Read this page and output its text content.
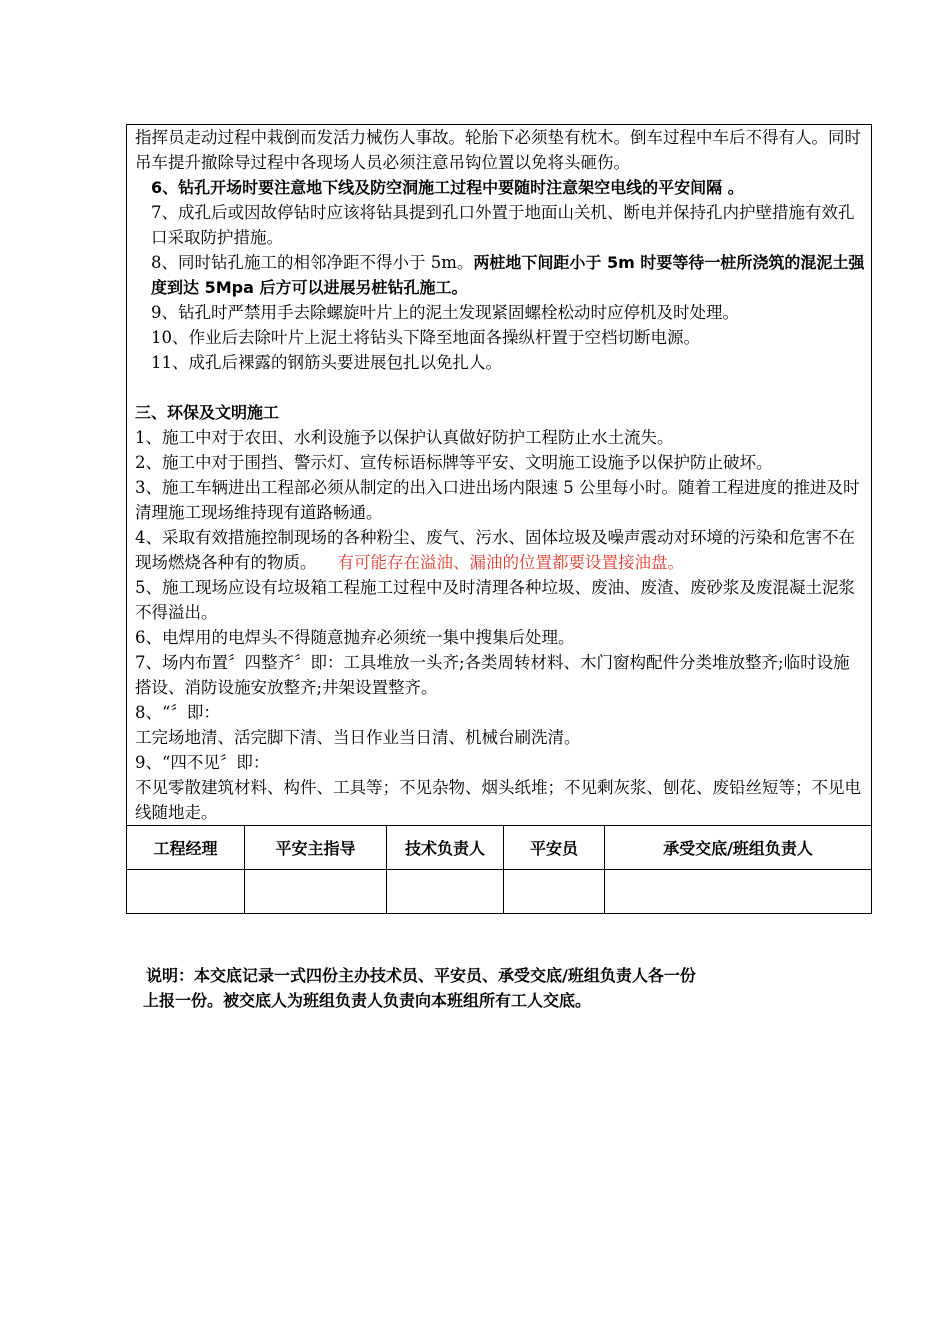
指挥员走动过程中栽倒而发活力械伤人事故。轮胎下必须垫有枕木。倒车过程中车后不得有人。同时吊车提升撤除导过程中各现场人员必须注意吊钩位置以免将头砸伤。
6、钻孔开场时要注意地下线及防空洞施工过程中要随时注意架空电线的平安间隔 。
7、成孔后或因故停钻时应该将钻具提到孔口外置于地面山关机、断电并保持孔内护壁措施有效孔口采取防护措施。
8、同时钻孔施工的相邻净距不得小于 5m。两桩地下间距小于 5m 时要等待一桩所浇筑的混泥土强度到达 5Mpa 后方可以进展另桩钻孔施工。
9、钻孔时严禁用手去除螺旋叶片上的泥土发现紧固螺栓松动时应停机及时处理。
10、作业后去除叶片上泥土将钻头下降至地面各操纵杆置于空档切断电源。
11、成孔后裸露的钢筋头要进展包扎以免扎人。
三、环保及文明施工
1、施工中对于农田、水利设施予以保护认真做好防护工程防止水土流失。
2、施工中对于围挡、警示灯、宣传标语标牌等平安、文明施工设施予以保护防止破坏。
3、施工车辆进出工程部必须从制定的出入口进出场内限速 5 公里每小时。随着工程进度的推进及时清理施工现场维持现有道路畅通。
4、采取有效措施控制现场的各种粉尘、废气、污水、固体垃圾及噪声震动对环境的污染和危害不在现场燃烧各种有的物质。 有可能存在溢油、漏油的位置都要设置接油盘。
5、施工现场应设有垃圾箱工程施工过程中及时清理各种垃圾、废油、废渣、废砂浆及废混凝土泥浆不得溢出。
6、电焊用的电焊头不得随意抛弃必须统一集中搜集后处理。
7、场内布置〞四整齐〞即：工具堆放一头齐;各类周转材料、木门窗构配件分类堆放整齐;临时设施搭设、消防设施安放整齐;井架设置整齐。
8、“〞即：
工完场地清、活完脚下清、当日作业当日清、机械台刷洗清。
9、“四不见〞即：
不见零散建筑材料、构件、工具等；不见杂物、烟头纸堆；不见剩灰浆、刨花、废铅丝短等；不见电线随地走。
工程经理	平安主指导	技术负责人	平安员	承受交底/班组负责人

说明：本交底记录一式四份主办技术员、平安员、承受交底/班组负责人各一份
上报一份。被交底人为班组负责人负责向本班组所有工人交底。
